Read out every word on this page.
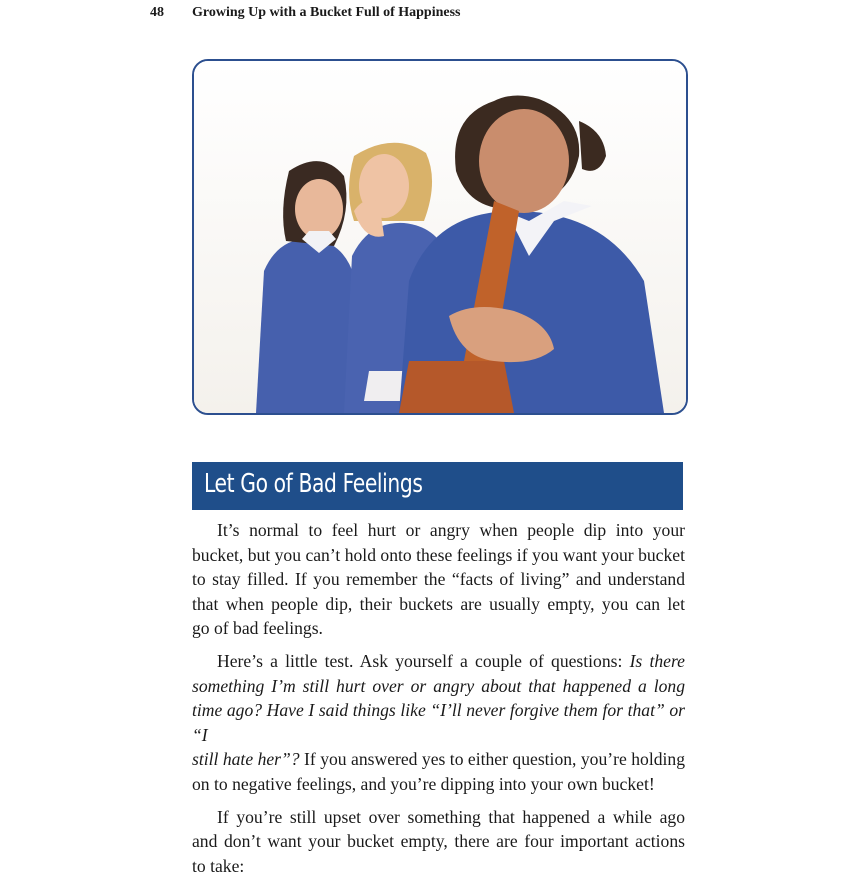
48 Growing Up with a Bucket Full of Happiness
Let Go of Bad Feelings

It’s normal to feel hurt or angry when people dip into your
bucket, but you can’t hold onto these feelings if you want your bucket
to stay filled. If you remember the “facts of living” and understand
that when people dip, their buckets are usually empty, you can let
go of bad feelings.

Here’s a little test. Ask yourself a couple of questions: Is there
something I’m still hurt over or angry about that happened a long
time ago? Have I said things like “I’ll never forgive them for that” or “I
still hate her”? If you answered yes to either question, you’re holding
on to negative feelings, and you’re dipping into your own bucket!

If you’re still upset over something that happened a while ago
and don’t want your bucket empty, there are four important actions
to take:
